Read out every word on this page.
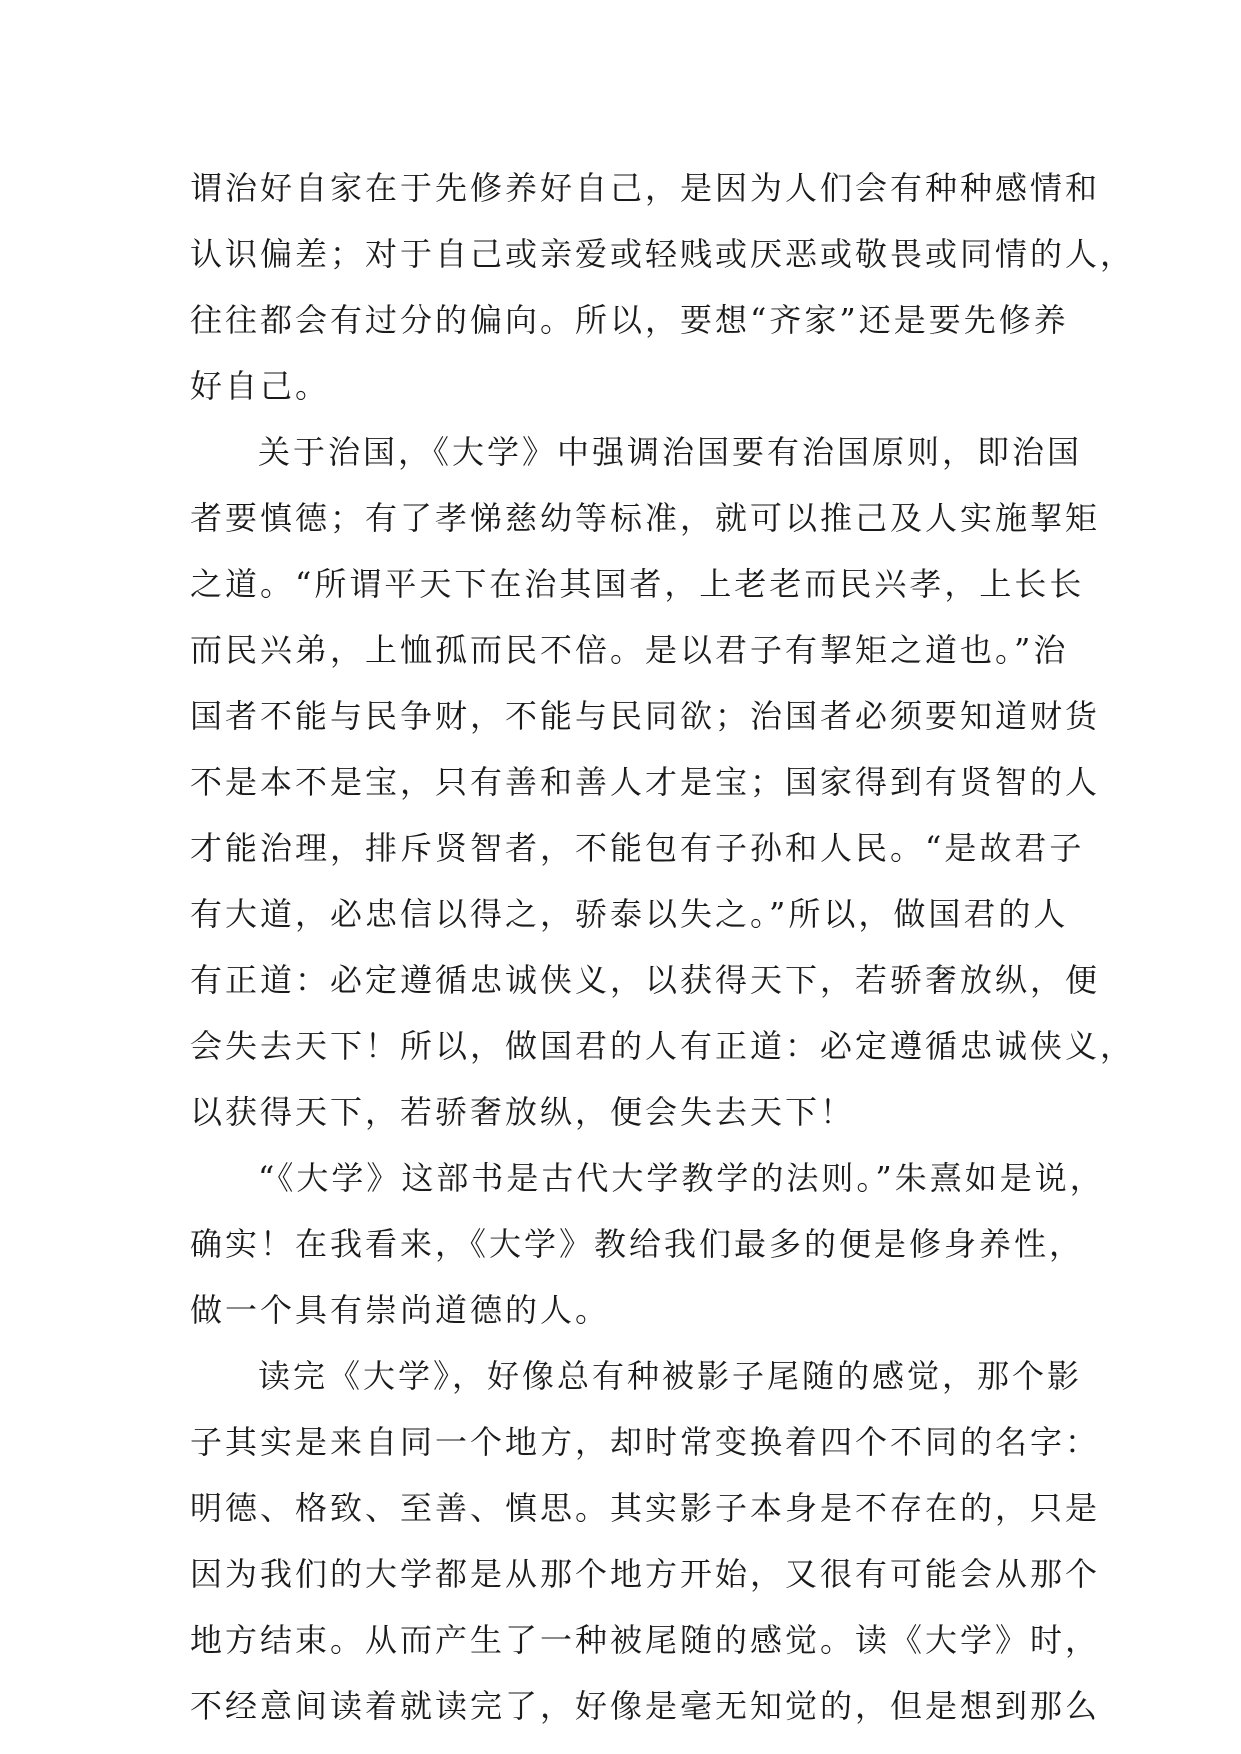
谓治好自家在于先修养好自己，是因为人们会有种种感情和
认识偏差；对于自己或亲爱或轻贱或厌恶或敬畏或同情的人，
往往都会有过分的偏向。所以，要想“齐家”还是要先修养
好自己。
关于治国，《大学》中强调治国要有治国原则，即治国
者要慎德；有了孝悌慈幼等标准，就可以推己及人实施挈矩
之道。“所谓平天下在治其国者，上老老而民兴孝，上长长
而民兴弟，上恤孤而民不倍。是以君子有挈矩之道也。”治
国者不能与民争财，不能与民同欲；治国者必须要知道财货
不是本不是宝，只有善和善人才是宝；国家得到有贤智的人
才能治理，排斥贤智者，不能包有子孙和人民。“是故君子
有大道，必忠信以得之，骄泰以失之。”所以，做国君的人
有正道：必定遵循忠诚侠义，以获得天下，若骄奢放纵，便
会失去天下！所以，做国君的人有正道：必定遵循忠诚侠义，
以获得天下，若骄奢放纵，便会失去天下！
“《大学》这部书是古代大学教学的法则。”朱熹如是说，
确实！在我看来，《大学》教给我们最多的便是修身养性，
做一个具有崇尚道德的人。
读完《大学》，好像总有种被影子尾随的感觉，那个影
子其实是来自同一个地方，却时常变换着四个不同的名字：
明德、格致、至善、慎思。其实影子本身是不存在的，只是
因为我们的大学都是从那个地方开始，又很有可能会从那个
地方结束。从而产生了一种被尾随的感觉。读《大学》时，
不经意间读着就读完了，好像是毫无知觉的，但是想到那么
